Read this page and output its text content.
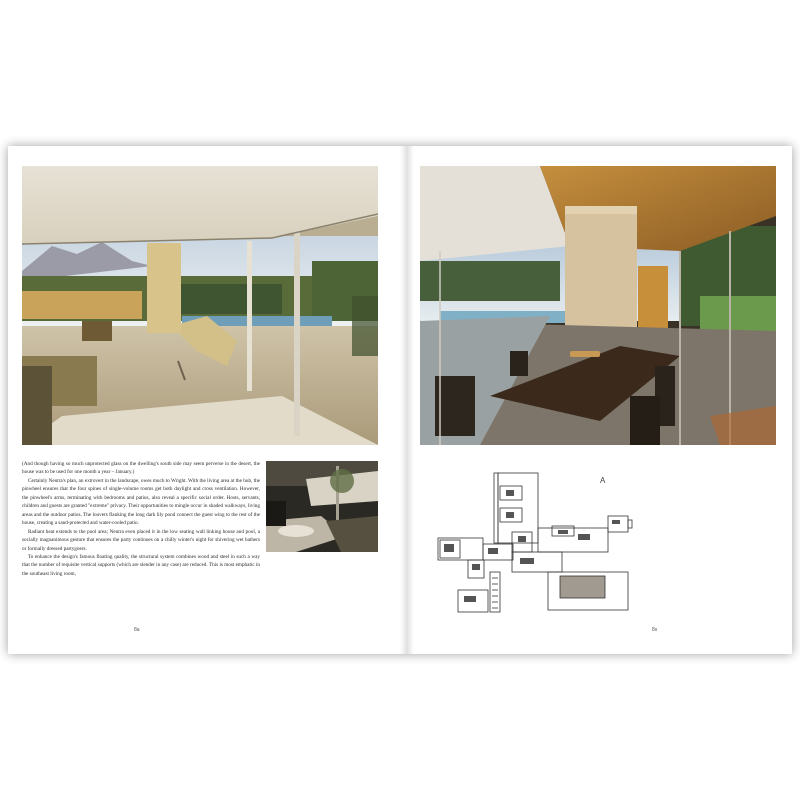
(And though having so much unprotected glass on the dwelling's south side may seem perverse in the desert, the house was to be used for one month a year – January.)

Certainly Neutra's plan, an extrovert in the landscape, owes much to Wright. With the living area at the hub, the pinwheel ensures that the four spines of single-volume rooms get both daylight and cross ventilation. However, the pinwheel's arms, terminating with bedrooms and patios, also reveal a specific social order. Hosts, servants, children and guests are granted "extreme" privacy. Their opportunities to mingle occur in shaded walkways, living areas and the outdoor patios. The louvers flanking the long dark lily pond connect the guest wing to the rest of the house, creating a sand-protected and water-cooled patio.

Radiant heat extends to the pool area; Neutra even placed it in the low seating wall linking house and pool, a socially magnanimous gesture that ensures the party continues on a chilly winter's night for shivering wet bathers or formally dressed partygoers.

To enhance the design's famous floating quality, the structural system combines wood and steel in such a way that the number of requisite vertical supports (which are slender in any case) are reduced. This is most emphatic in the southeast living room,

A
8a	8s
